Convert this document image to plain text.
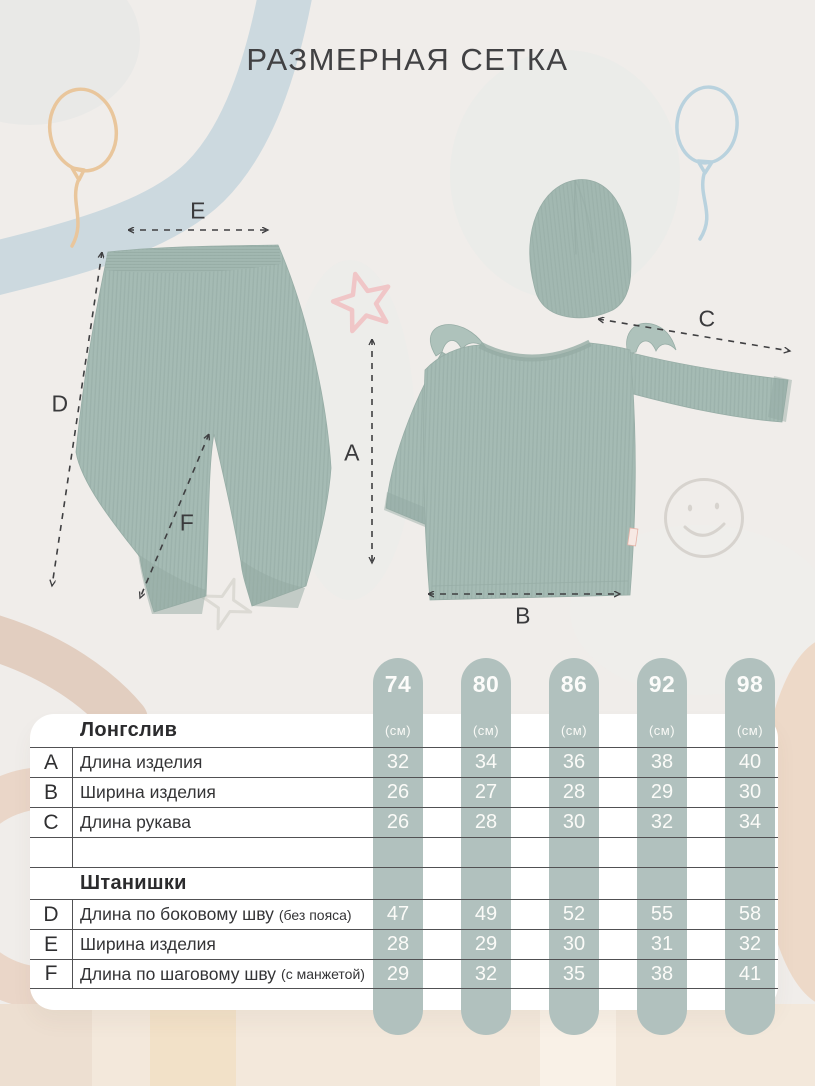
РАЗМЕРНАЯ СЕТКА
E
D
F
A
B
C
74	80	86	92	98
Лонгслив	(см)	(см)	(см)	(см)	(см)
A	Длина изделия	32	34	36	38	40
B	Ширина изделия	26	27	28	29	30
C	Длина рукава	26	28	30	32	34
Штанишки
D	Длина по боковому шву (без пояса)	47	49	52	55	58
E	Ширина изделия	28	29	30	31	32
F	Длина по шаговому шву (с манжетой)	29	32	35	38	41
